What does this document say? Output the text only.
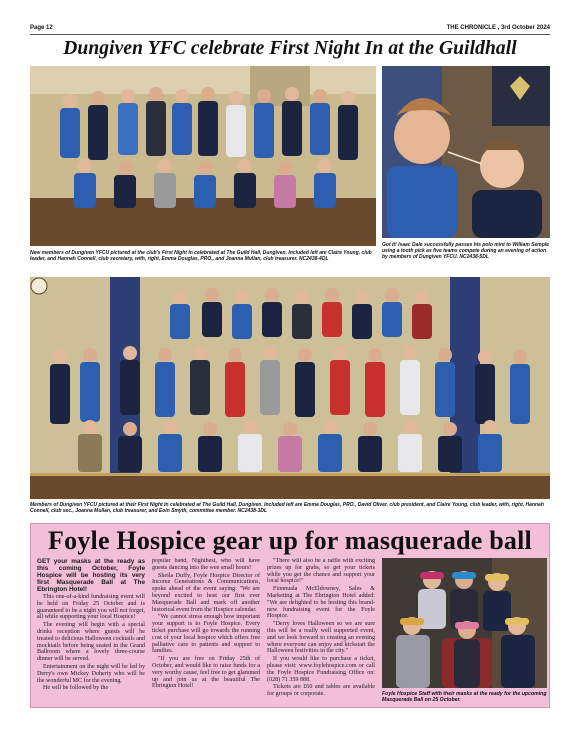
Page 12	THE CHRONICLE , 3rd October 2024
Dungiven YFC celebrate First Night In at the Guildhall
New members of Dungiven YFCU pictured at the club's First Night In celebrated at The Guild Hall, Dungiven. Included left are Claire Young, club leader, and Hannah Connell, club secretary, with, right, Emma Douglas, PRO., and Joanna Mullan, club treasurer. NC2438-4DL
Got it! Isaac Dale successfully passes his polo mint to William Semple using a tooth pick as five teams compete during an evening of action by members of Dungiven YFCU. NC2438-5DL
Members of Dungiven YFCU pictured at their First Night In celebrated at The Guild Hall, Dungiven. Included left are Emma Douglas, PRO., David Oliver, club president, and Claire Young, club leader, with, right, Hannah Connell, club sec., Joanna Mullan, club treasurer, and Eoin Smyth, committee member. NC2438-3DL
Foyle Hospice gear up for masquerade ball

GET your masks at the ready as this coming October, Foyle Hospice will be hosting its very first Masquerade Ball at The Ebrington Hotel!

This one-of-a-kind fundraising event will be held on Friday 25 October and is guaranteed to be a night you will not forget, all while supporting your local Hospice!

The evening will begin with a special drinks reception where guests will be treated to delicious Halloween cocktails and mocktails before being seated in the Grand Ballroom where a lovely three-course dinner will be served.

Entertainment on the night will be led by Derry's own Mickey Doherty who will be the wonderful MC for the evening.

He will be followed by the

popular band, Nighthest, who will have guests dancing into the wee small hours!

Sheila Duffy, Foyle Hospice Director of Income Generations & Communications, spoke ahead of the event saying: "We are beyond excited to host our first ever Masquerade Ball and mark off another historical event from the Hospice calendar.

"We cannot stress enough how important your support is to Foyle Hospice. Every ticket purchase will go towards the running cost of your local hospice which offers free palliative care to patients and support to families.

"If you are free on Friday 25th of October, and would like to raise funds for a very worthy cause, feel free to get glammed up and join us at the beautiful The Ebrington Hotel!

"There will also be a raffle with exciting prizes up for grabs, so get your tickets while you get the chance and support your local hospice!"

Fionnuala McEldowney, Sales & Marketing at The Ebrington Hotel added: "We are delighted to be hosting this brand-new fundraising event for the Foyle Hospice.

"Derry loves Halloween so we are sure this will be a really well supported event, and we look forward to creating an evening where everyone can enjoy and kickstart the Halloween festivities in the city."

If you would like to purchase a ticket, please visit: www.foylehospice.com or call the Foyle Hospice Fundraising Office on: (028) 71 359 888.

Tickets are £60 and tables are available for groups or corporate.	Foyle Hospice Staff with their masks at the ready for the upcoming Masquerade Ball on 25 October.
